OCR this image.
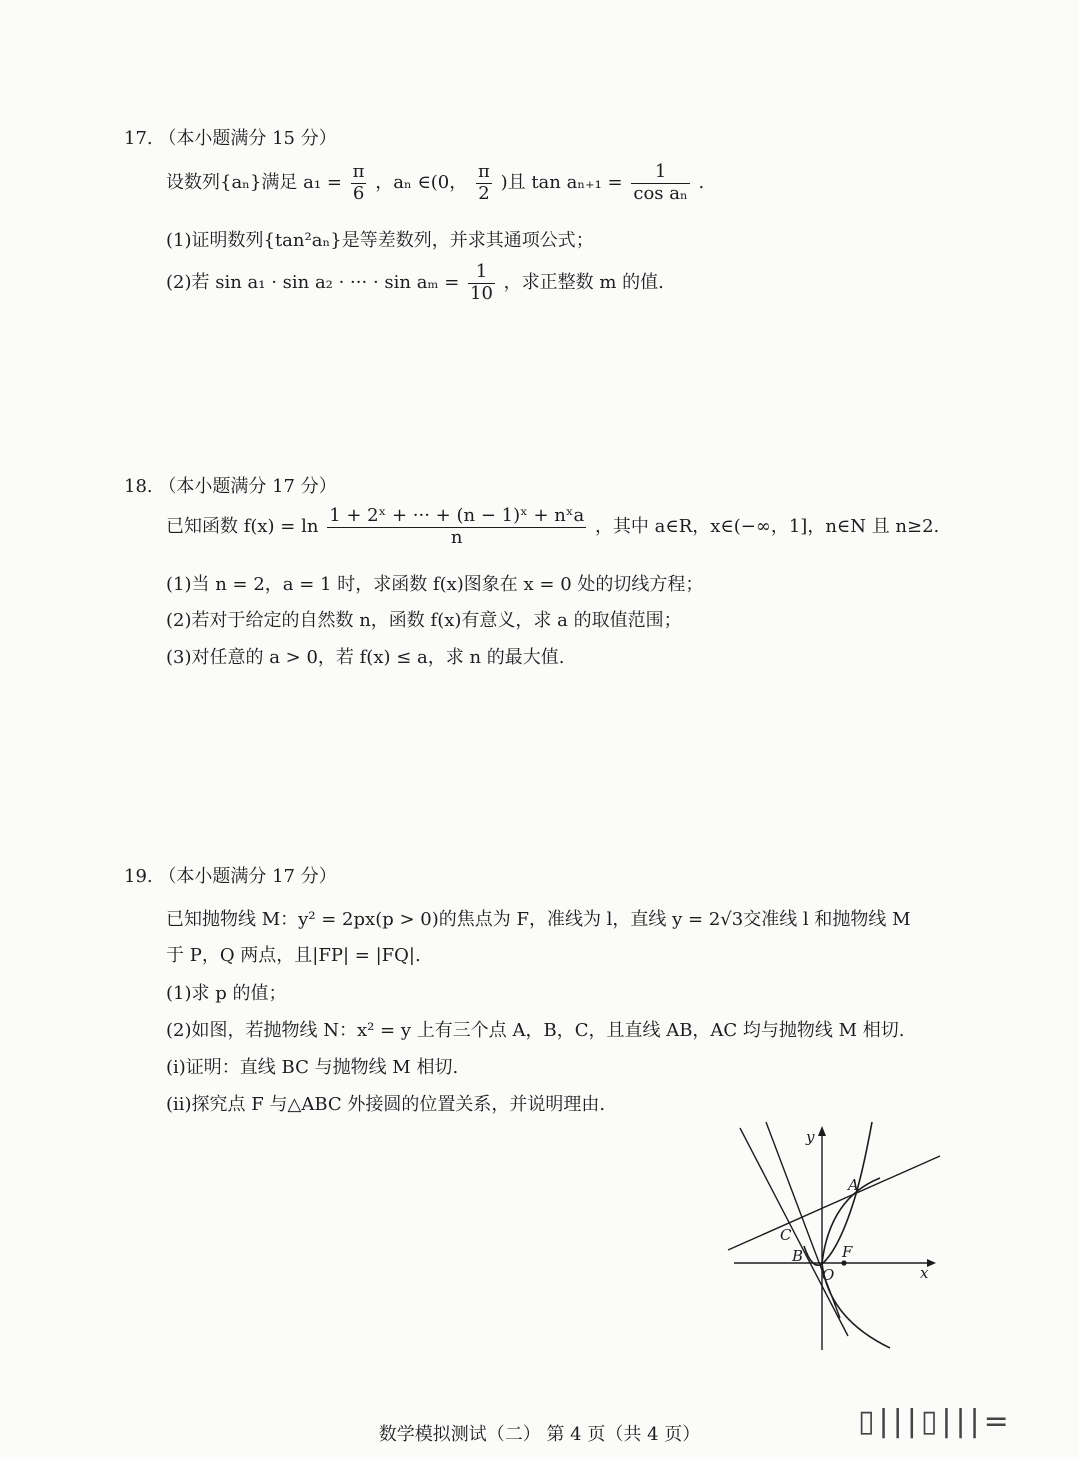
17. （本小题满分 15 分）
设数列{aₙ}满足 $a_1 = \frac{\pi}{6}$ ，aₙ ∈(0， $\frac{\pi}{2}$ )且 $\tan a_{n+1} = \frac{1}{\text{cos aₙ}}$ .
(1)证明数列{tan²aₙ}是等差数列，并求其通项公式；
(2)若 sin a₁ · sin a₂ · ··· · $\sin a_m = \frac{1}{10}$ ，求正整数 m 的值.
18. （本小题满分 17 分）
已知函数 $f(x) = \ln \frac{\text{1 + 2ˣ + ··· + (n − 1)ˣ + nˣa}}{n}$ ，其中 a∈R，x∈(−∞，1]，n∈N 且 n≥2.
(1)当 n = 2，a = 1 时，求函数 f(x)图象在 x = 0 处的切线方程；
(2)若对于给定的自然数 n，函数 f(x)有意义，求 a 的取值范围；
(3)对任意的 a > 0，若 f(x) ≤ a，求 n 的最大值.
19. （本小题满分 17 分）
已知抛物线 M：y² = 2px(p > 0)的焦点为 F，准线为 l，直线 y = 2√3交准线 l 和抛物线 M
于 P，Q 两点，且|FP| = |FQ|.
(1)求 p 的值；
(2)如图，若抛物线 N：x² = y 上有三个点 A，B，C，且直线 AB，AC 均与抛物线 M 相切.
(i)证明：直线 BC 与抛物线 M 相切.
(ii)探究点 F 与△ABC 外接圆的位置关系，并说明理由.
y
x
A
C
B	F
O
数学模拟测试（二） 第 4 页（共 4 页）	▯|||▯|||=
